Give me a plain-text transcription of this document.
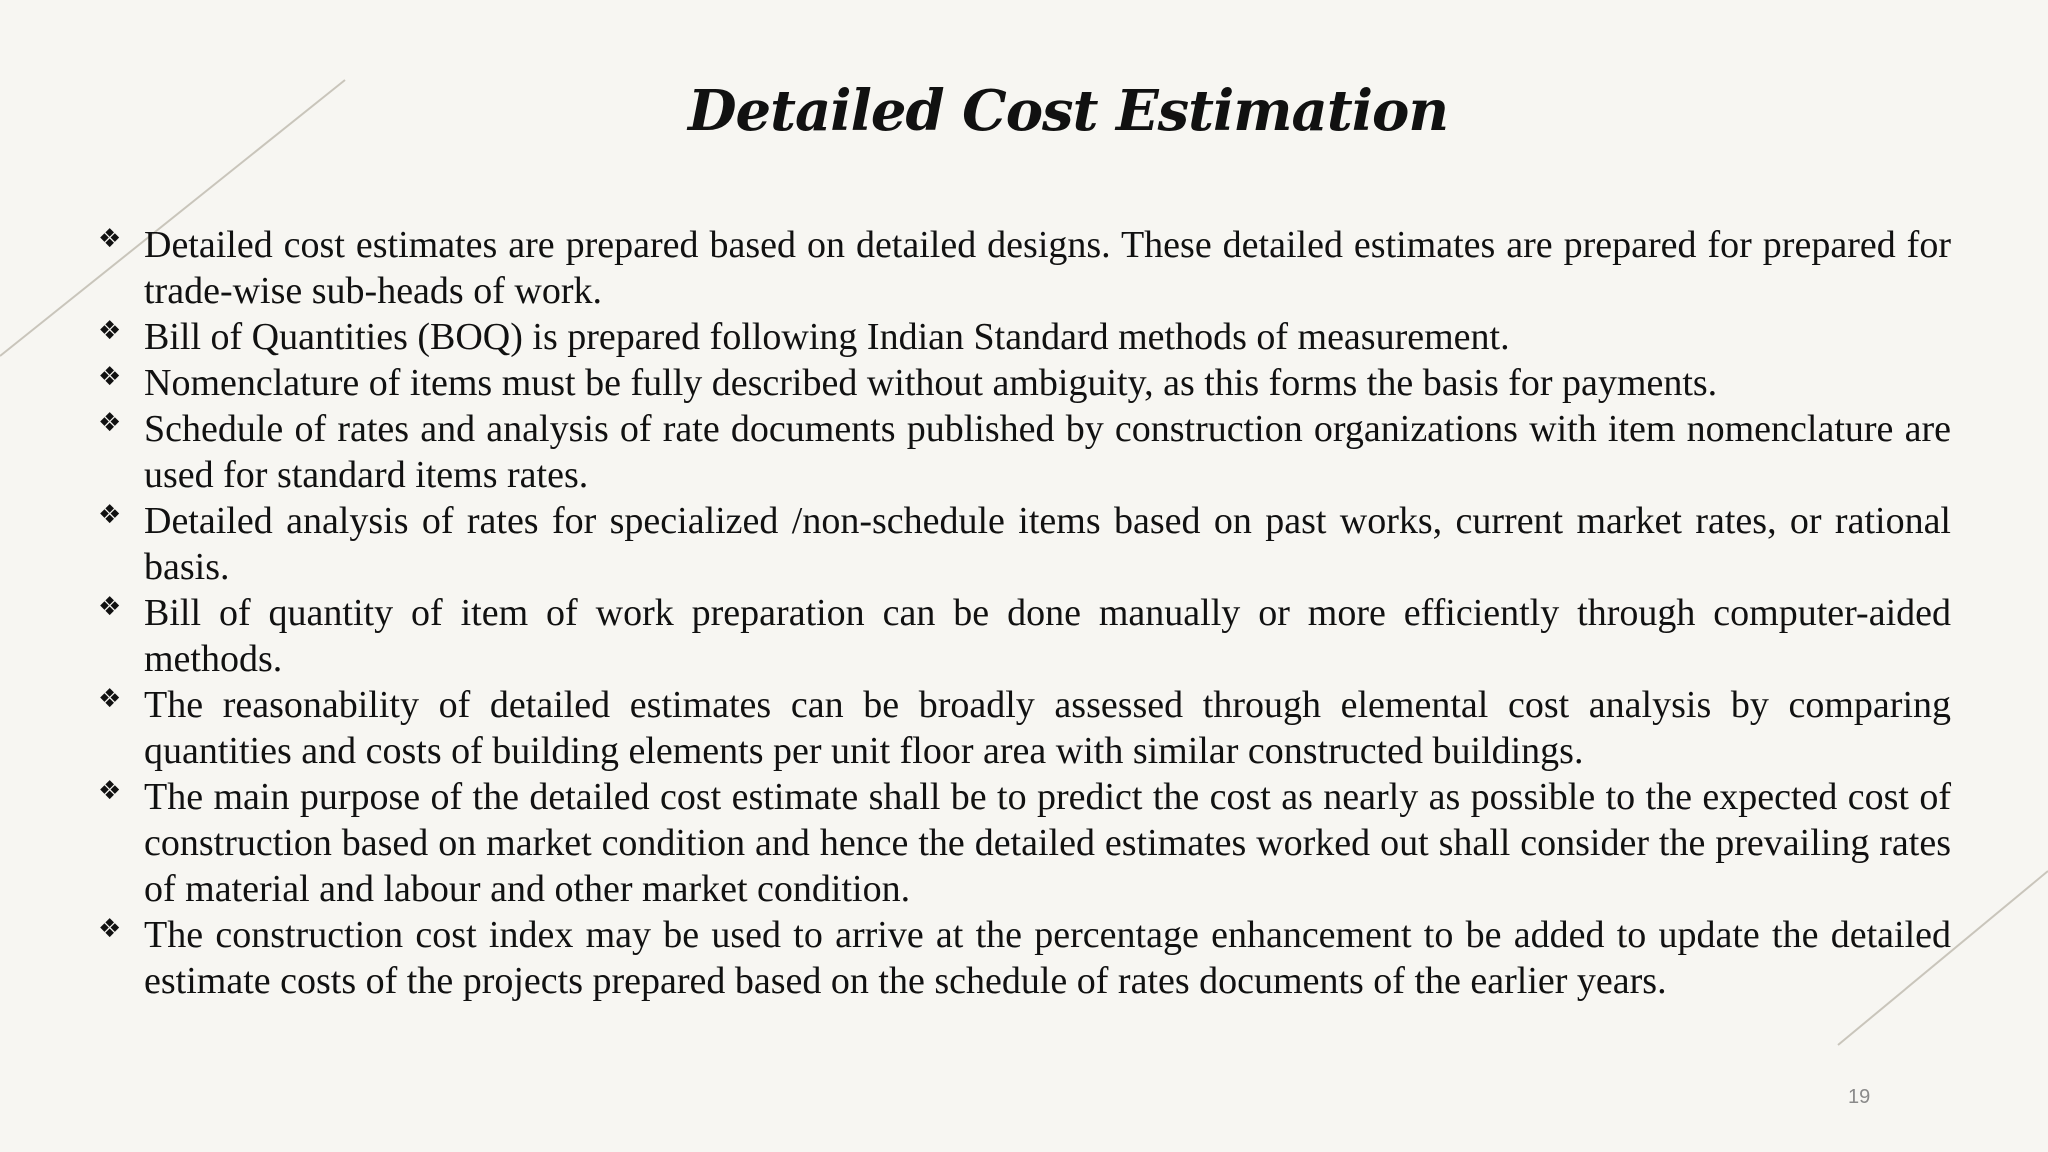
Detailed Cost Estimation
❖ Detailed cost estimates are prepared based on detailed designs. These detailed estimates are prepared for prepared for trade-wise sub-heads of work.
❖ Bill of Quantities (BOQ) is prepared following Indian Standard methods of measurement.
❖ Nomenclature of items must be fully described without ambiguity, as this forms the basis for payments.
❖ Schedule of rates and analysis of rate documents published by construction organizations with item nomenclature are used for standard items rates.
❖ Detailed analysis of rates for specialized /non-schedule items based on past works, current market rates, or rational basis.
❖ Bill of quantity of item of work preparation can be done manually or more efficiently through computer-aided methods.
❖ The reasonability of detailed estimates can be broadly assessed through elemental cost analysis by comparing quantities and costs of building elements per unit floor area with similar constructed buildings.
❖ The main purpose of the detailed cost estimate shall be to predict the cost as nearly as possible to the expected cost of construction based on market condition and hence the detailed estimates worked out shall consider the prevailing rates of material and labour and other market condition.
❖ The construction cost index may be used to arrive at the percentage enhancement to be added to update the detailed estimate costs of the projects prepared based on the schedule of rates documents of the earlier years.
19
